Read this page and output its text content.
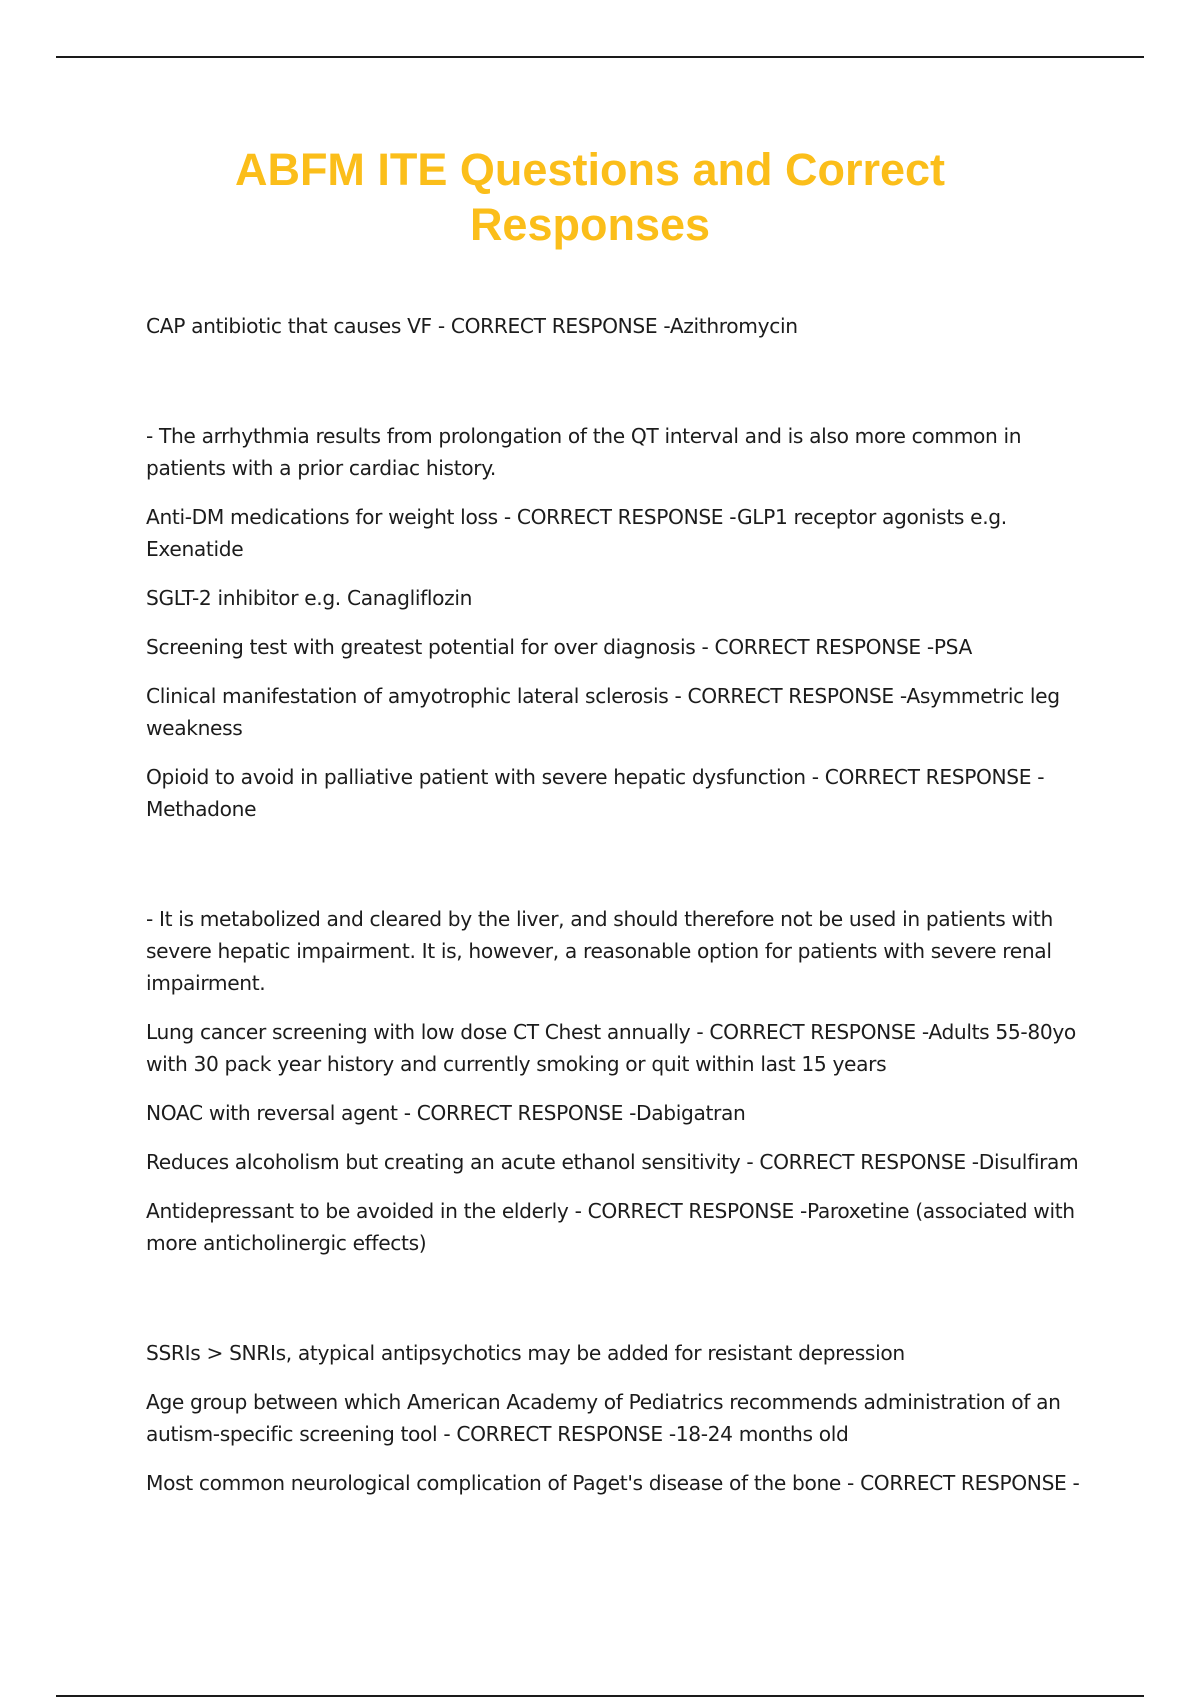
ABFM ITE Questions and Correct Responses

CAP antibiotic that causes VF - CORRECT RESPONSE -Azithromycin

- The arrhythmia results from prolongation of the QT interval and is also more common in patients with a prior cardiac history.

Anti-DM medications for weight loss - CORRECT RESPONSE -GLP1 receptor agonists e.g. Exenatide

SGLT-2 inhibitor e.g. Canagliflozin

Screening test with greatest potential for over diagnosis - CORRECT RESPONSE -PSA

Clinical manifestation of amyotrophic lateral sclerosis - CORRECT RESPONSE -Asymmetric leg weakness

Opioid to avoid in palliative patient with severe hepatic dysfunction - CORRECT RESPONSE - Methadone

- It is metabolized and cleared by the liver, and should therefore not be used in patients with severe hepatic impairment. It is, however, a reasonable option for patients with severe renal impairment.

Lung cancer screening with low dose CT Chest annually - CORRECT RESPONSE -Adults 55-80yo with 30 pack year history and currently smoking or quit within last 15 years

NOAC with reversal agent - CORRECT RESPONSE -Dabigatran

Reduces alcoholism but creating an acute ethanol sensitivity - CORRECT RESPONSE -Disulfiram

Antidepressant to be avoided in the elderly - CORRECT RESPONSE -Paroxetine (associated with more anticholinergic effects)

SSRIs > SNRIs, atypical antipsychotics may be added for resistant depression

Age group between which American Academy of Pediatrics recommends administration of an autism-specific screening tool - CORRECT RESPONSE -18-24 months old

Most common neurological complication of Paget's disease of the bone - CORRECT RESPONSE -
